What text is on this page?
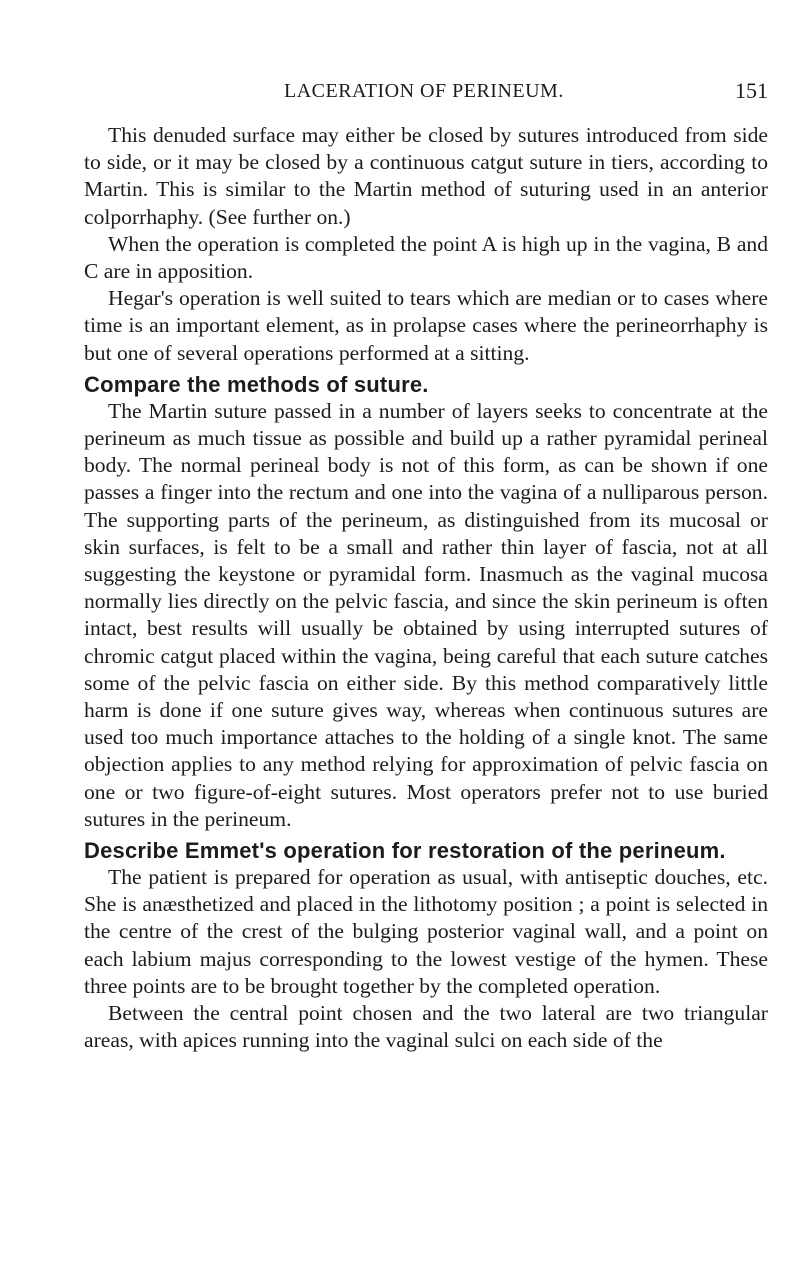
LACERATION OF PERINEUM.	151

This denuded surface may either be closed by sutures introduced from side to side, or it may be closed by a continuous catgut suture in tiers, according to Martin. This is similar to the Martin method of suturing used in an anterior colporrhaphy. (See further on.)

When the operation is completed the point A is high up in the vagina, B and C are in apposition.

Hegar's operation is well suited to tears which are median or to cases where time is an important element, as in prolapse cases where the perineorrhaphy is but one of several operations performed at a sitting.

Compare the methods of suture.

The Martin suture passed in a number of layers seeks to concentrate at the perineum as much tissue as possible and build up a rather pyramidal perineal body. The normal perineal body is not of this form, as can be shown if one passes a finger into the rectum and one into the vagina of a nulliparous person. The supporting parts of the perineum, as distinguished from its mucosal or skin surfaces, is felt to be a small and rather thin layer of fascia, not at all suggesting the keystone or pyramidal form. Inasmuch as the vaginal mucosa normally lies directly on the pelvic fascia, and since the skin perineum is often intact, best results will usually be obtained by using interrupted sutures of chromic catgut placed within the vagina, being careful that each suture catches some of the pelvic fascia on either side. By this method comparatively little harm is done if one suture gives way, whereas when continuous sutures are used too much importance attaches to the holding of a single knot. The same objection applies to any method relying for approximation of pelvic fascia on one or two figure-of-eight sutures. Most operators prefer not to use buried sutures in the perineum.

Describe Emmet's operation for restoration of the perineum.

The patient is prepared for operation as usual, with antiseptic douches, etc. She is anæsthetized and placed in the lithotomy position ; a point is selected in the centre of the crest of the bulging posterior vaginal wall, and a point on each labium majus corresponding to the lowest vestige of the hymen. These three points are to be brought together by the completed operation.

Between the central point chosen and the two lateral are two triangular areas, with apices running into the vaginal sulci on each side of the
